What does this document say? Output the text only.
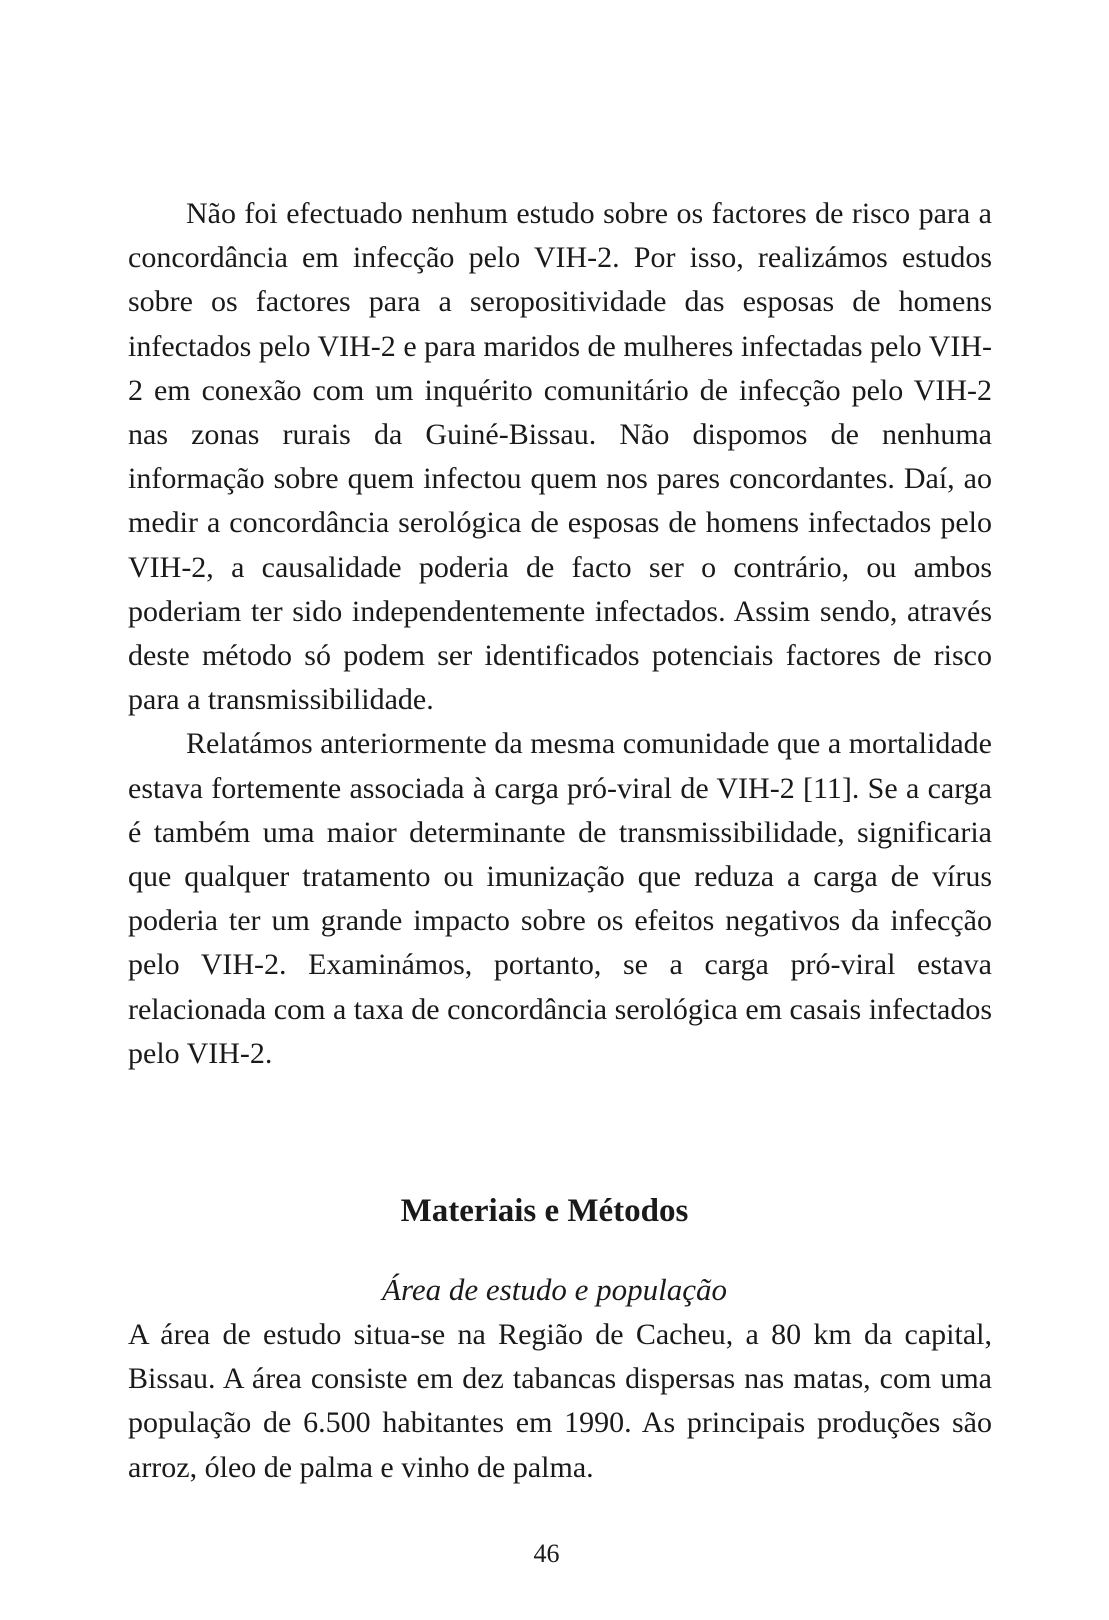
Não foi efectuado nenhum estudo sobre os factores de risco para a concordância em infecção pelo VIH-2. Por isso, realizámos estudos sobre os factores para a seropositividade das esposas de homens infectados pelo VIH-2 e para maridos de mulheres infectadas pelo VIH-2 em conexão com um inquérito comunitário de infecção pelo VIH-2 nas zonas rurais da Guiné-Bissau. Não dispomos de nenhuma informação sobre quem infectou quem nos pares concordantes. Daí, ao medir a concordância serológica de esposas de homens infectados pelo VIH-2, a causalidade poderia de facto ser o contrário, ou ambos poderiam ter sido independentemente infectados. Assim sendo, através deste método só podem ser identificados potenciais factores de risco para a transmissibilidade.

Relatámos anteriormente da mesma comunidade que a mortalidade estava fortemente associada à carga pró-viral de VIH-2 [11]. Se a carga é também uma maior determinante de transmissibilidade, significaria que qualquer tratamento ou imunização que reduza a carga de vírus poderia ter um grande impacto sobre os efeitos negativos da infecção pelo VIH-2. Examinámos, portanto, se a carga pró-viral estava relacionada com a taxa de concordância serológica em casais infectados pelo VIH-2.

Materiais e Métodos
Área de estudo e população

A área de estudo situa-se na Região de Cacheu, a 80 km da capital, Bissau. A área consiste em dez tabancas dispersas nas matas, com uma população de 6.500 habitantes em 1990. As principais produções são arroz, óleo de palma e vinho de palma.

46
